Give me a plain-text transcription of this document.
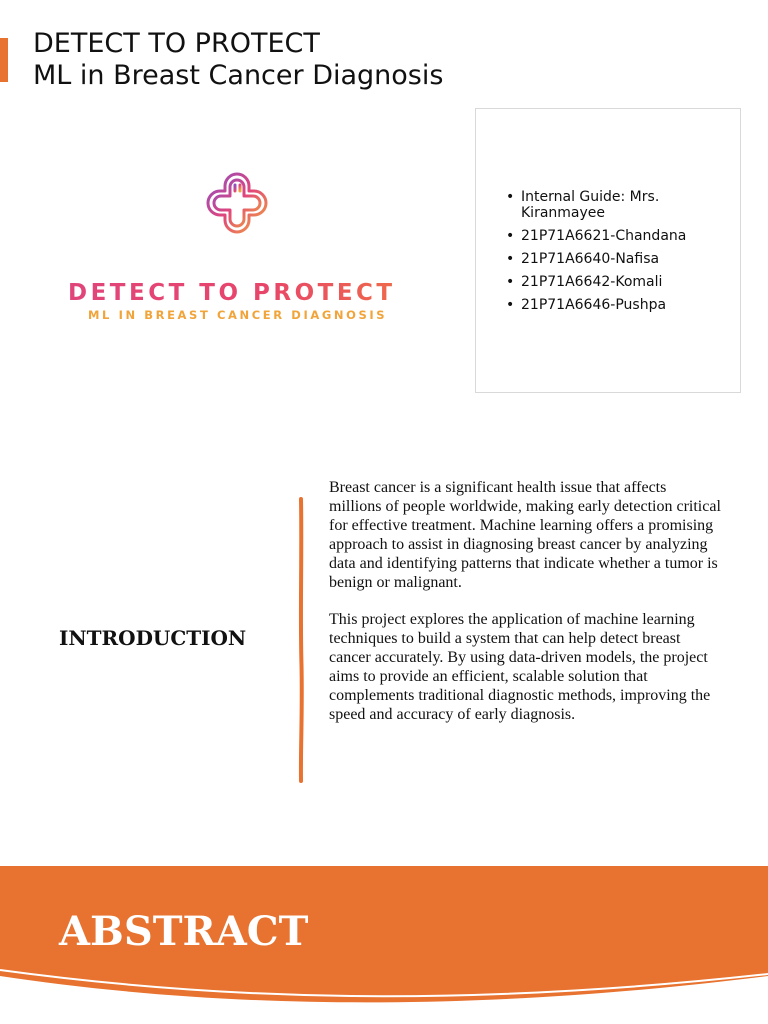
DETECT TO PROTECT
ML in Breast Cancer Diagnosis
DETECT TO PROTECT
ML IN BREAST CANCER DIAGNOSIS
• Internal Guide: Mrs. Kiranmayee
• 21P71A6621-Chandana
• 21P71A6640-Nafisa
• 21P71A6642-Komali
• 21P71A6646-Pushpa
INTRODUCTION

Breast cancer is a significant health issue that affects millions of people worldwide, making early detection critical for effective treatment. Machine learning offers a promising approach to assist in diagnosing breast cancer by analyzing data and identifying patterns that indicate whether a tumor is benign or malignant.

This project explores the application of machine learning techniques to build a system that can help detect breast cancer accurately. By using data-driven models, the project aims to provide an efficient, scalable solution that complements traditional diagnostic methods, improving the speed and accuracy of early diagnosis.

ABSTRACT
